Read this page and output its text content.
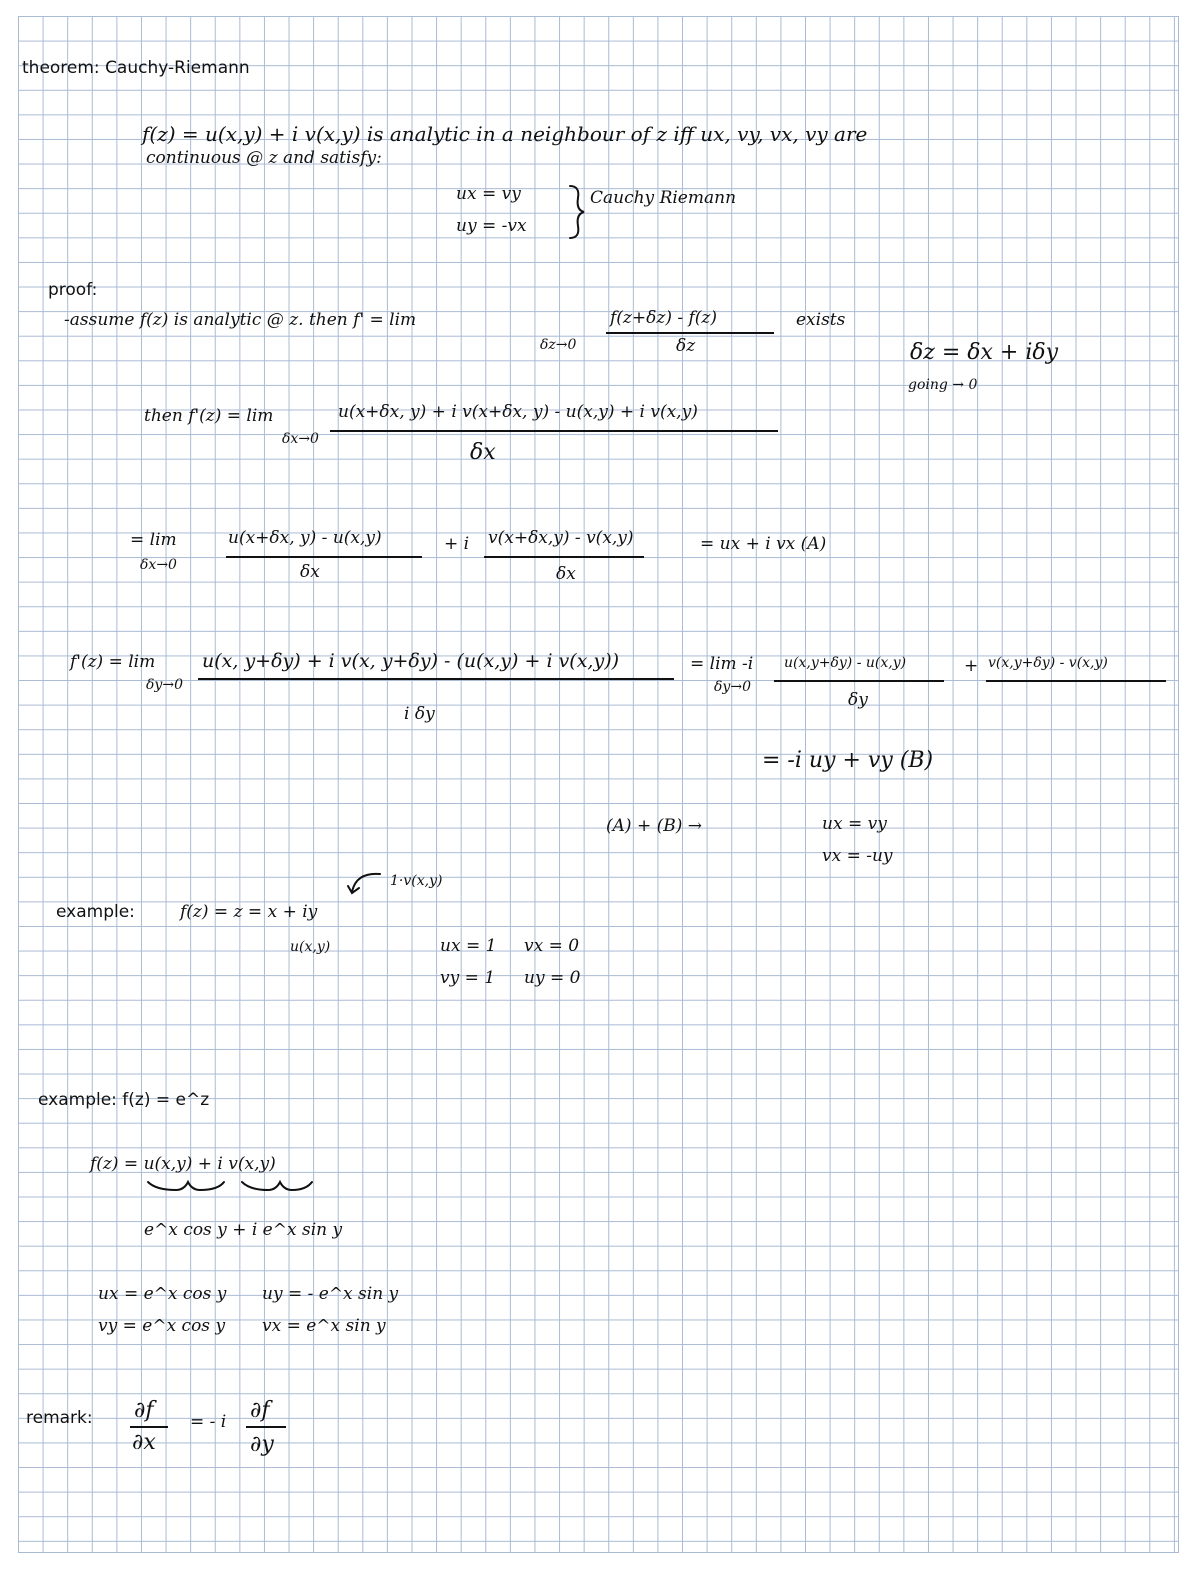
theorem: Cauchy-Riemann
f(z) = u(x,y) + i v(x,y) is analytic in a neighbour of z iff ux, vy, vx, vy are
continuous @ z and satisfy:
ux = vy
uy = -vx
Cauchy Riemann
proof:
-assume f(z) is analytic @ z. then f' = lim
δz→0
f(z+δz) - f(z)
δz
exists
δz = δx + iδy
going → 0
then f'(z) = lim
δx→0
u(x+δx, y) + i v(x+δx, y) - u(x,y) + i v(x,y)
δx
= lim
δx→0
u(x+δx, y) - u(x,y)
δx
+ i v(x+δx,y) - v(x,y)
δx
= ux + i vx (A)
f'(z) = lim
δy→0
u(x, y+δy) + i v(x, y+δy) - (u(x,y) + i v(x,y))
i δy
= lim -i
δy→0
u(x,y+δy) - u(x,y)
δy
+ v(x,y+δy) - v(x,y)
= -i uy + vy (B)
(A) + (B) →	ux = vy
vx = -uy
example:	f(z) = z = x + iy
u(x,y)
1·v(x,y)
ux = 1 vx = 0
vy = 1 uy = 0
example: f(z) = e^z
f(z) = u(x,y) + i v(x,y)
e^x cos y + i e^x sin y
ux = e^x cos y uy = - e^x sin y
vy = e^x cos y vx = e^x sin y
remark: ∂f
∂x
= - i ∂f
∂y
